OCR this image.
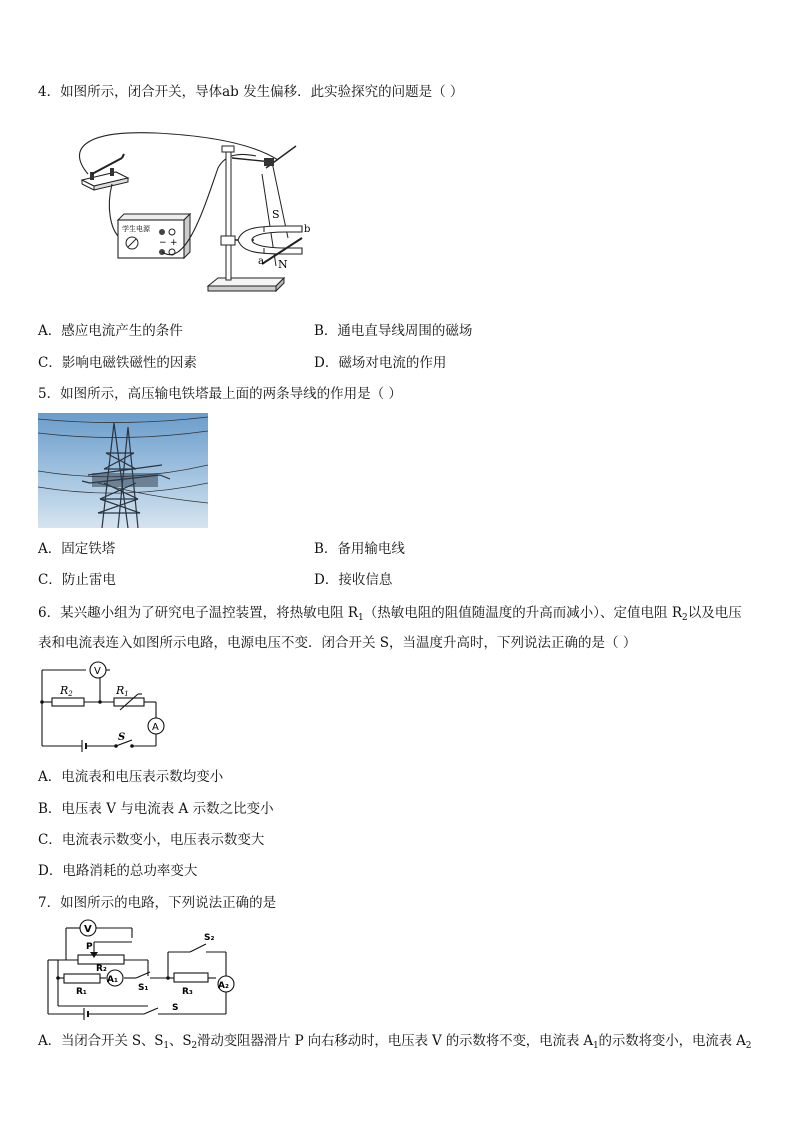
4．如图所示，闭合开关，导体ab 发生偏移．此实验探究的问题是（ ）
学生电源
− +
S
N
a
b
A．感应电流产生的条件	B．通电直导线周围的磁场
C．影响电磁铁磁性的因素	D．磁场对电流的作用
5．如图所示，高压输电铁塔最上面的两条导线的作用是（ ）
A．固定铁塔	B．备用输电线
C．防止雷电	D．接收信息
6．某兴趣小组为了研究电子温控装置，将热敏电阻 $R_1$（热敏电阻的阻值随温度的升高而减小）、定值电阻 $R_2$以及电压
表和电流表连入如图所示电路，电源电压不变．闭合开关 S，当温度升高时，下列说法正确的是（ ）
V
A
R2	R1
S
A．电流表和电压表示数均变小
B．电压表 V 与电流表 A 示数之比变小
C．电流表示数变小，电压表示数变大
D．电路消耗的总功率变大
7．如图所示的电路，下列说法正确的是
V
P
R₂
A₁
S₁
R₁
S₂
R₃
A₂
S
A．当闭合开关 S、$S_1$、$S_2$滑动变阻器滑片 P 向右移动时，电压表 V 的示数将不变，电流表 $A_1$的示数将变小，电流表 $A_2$
